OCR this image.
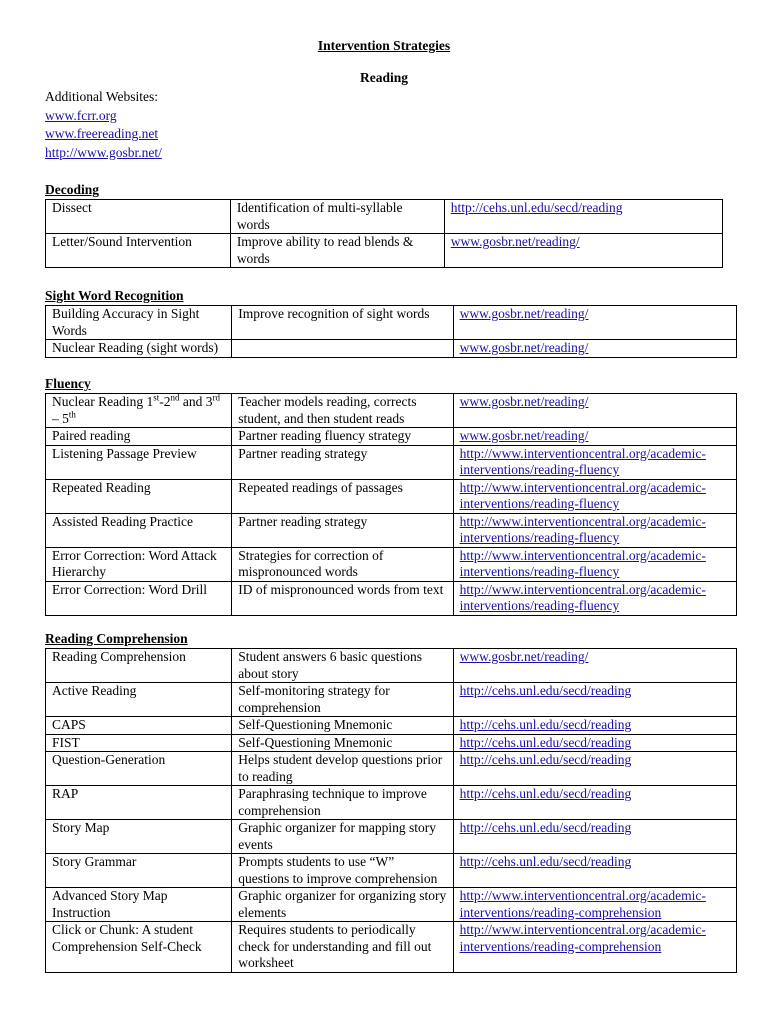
Intervention Strategies
Reading
Additional Websites:
www.fcrr.org
www.freereading.net
http://www.gosbr.net/
Decoding
Dissect	Identification of multi-syllable words	http://cehs.unl.edu/secd/reading
Letter/Sound Intervention	Improve ability to read blends & words	www.gosbr.net/reading/
Sight Word Recognition
Building Accuracy in Sight Words	Improve recognition of sight words	www.gosbr.net/reading/
Nuclear Reading (sight words)		www.gosbr.net/reading/
Fluency
Nuclear Reading 1st-2nd and 3rd – 5th	Teacher models reading, corrects student, and then student reads	www.gosbr.net/reading/
Paired reading	Partner reading fluency strategy	www.gosbr.net/reading/
Listening Passage Preview	Partner reading strategy	http://www.interventioncentral.org/academic-interventions/reading-fluency
Repeated Reading	Repeated readings of passages	http://www.interventioncentral.org/academic-interventions/reading-fluency
Assisted Reading Practice	Partner reading strategy	http://www.interventioncentral.org/academic-interventions/reading-fluency
Error Correction: Word Attack Hierarchy	Strategies for correction of mispronounced words	http://www.interventioncentral.org/academic-interventions/reading-fluency
Error Correction: Word Drill	ID of mispronounced words from text	http://www.interventioncentral.org/academic-interventions/reading-fluency
Reading Comprehension
Reading Comprehension	Student answers 6 basic questions about story	www.gosbr.net/reading/
Active Reading	Self-monitoring strategy for comprehension	http://cehs.unl.edu/secd/reading
CAPS	Self-Questioning Mnemonic	http://cehs.unl.edu/secd/reading
FIST	Self-Questioning Mnemonic	http://cehs.unl.edu/secd/reading
Question-Generation	Helps student develop questions prior to reading	http://cehs.unl.edu/secd/reading
RAP	Paraphrasing technique to improve comprehension	http://cehs.unl.edu/secd/reading
Story Map	Graphic organizer for mapping story events	http://cehs.unl.edu/secd/reading
Story Grammar	Prompts students to use “W” questions to improve comprehension	http://cehs.unl.edu/secd/reading
Advanced Story Map Instruction	Graphic organizer for organizing story elements	http://www.interventioncentral.org/academic-interventions/reading-comprehension
Click or Chunk: A student Comprehension Self-Check	Requires students to periodically check for understanding and fill out worksheet	http://www.interventioncentral.org/academic-interventions/reading-comprehension
